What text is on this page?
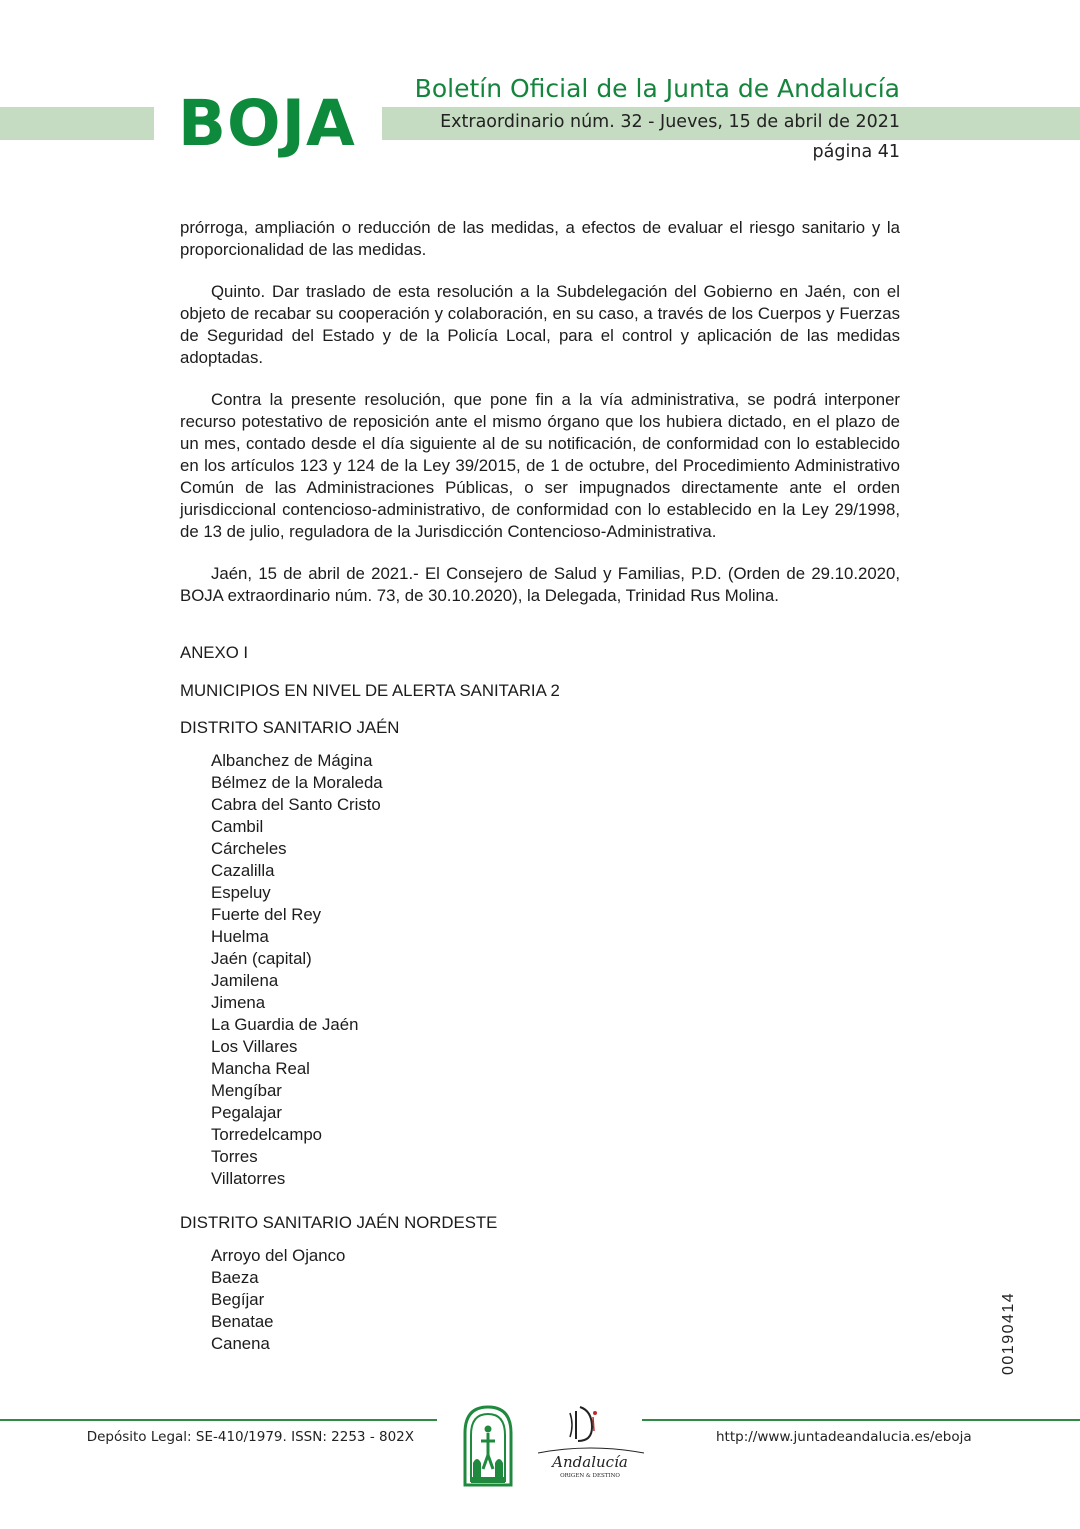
BOJA Boletín Oficial de la Junta de Andalucía
Extraordinario núm. 32 - Jueves, 15 de abril de 2021
página 41

prórroga, ampliación o reducción de las medidas, a efectos de evaluar el riesgo sanitario y la proporcionalidad de las medidas.

Quinto. Dar traslado de esta resolución a la Subdelegación del Gobierno en Jaén, con el objeto de recabar su cooperación y colaboración, en su caso, a través de los Cuerpos y Fuerzas de Seguridad del Estado y de la Policía Local, para el control y aplicación de las medidas adoptadas.

Contra la presente resolución, que pone fin a la vía administrativa, se podrá interponer recurso potestativo de reposición ante el mismo órgano que los hubiera dictado, en el plazo de un mes, contado desde el día siguiente al de su notificación, de conformidad con lo establecido en los artículos 123 y 124 de la Ley 39/2015, de 1 de octubre, del Procedimiento Administrativo Común de las Administraciones Públicas, o ser impugnados directamente ante el orden jurisdiccional contencioso-administrativo, de conformidad con lo establecido en la Ley 29/1998, de 13 de julio, reguladora de la Jurisdicción Contencioso-Administrativa.

Jaén, 15 de abril de 2021.- El Consejero de Salud y Familias, P.D. (Orden de 29.10.2020, BOJA extraordinario núm. 73, de 30.10.2020), la Delegada, Trinidad Rus Molina.

ANEXO I

MUNICIPIOS EN NIVEL DE ALERTA SANITARIA 2

DISTRITO SANITARIO JAÉN

Albanchez de Mágina
Bélmez de la Moraleda
Cabra del Santo Cristo
Cambil
Cárcheles
Cazalilla
Espeluy
Fuerte del Rey
Huelma
Jaén (capital)
Jamilena
Jimena
La Guardia de Jaén
Los Villares
Mancha Real
Mengíbar
Pegalajar
Torredelcampo
Torres
Villatorres

DISTRITO SANITARIO JAÉN NORDESTE

Arroyo del Ojanco
Baeza
Begíjar
Benatae
Canena	00190414
Depósito Legal: SE-410/1979. ISSN: 2253 - 802X	http://www.juntadeandalucia.es/eboja
Andalucía
ORIGEN & DESTINO
